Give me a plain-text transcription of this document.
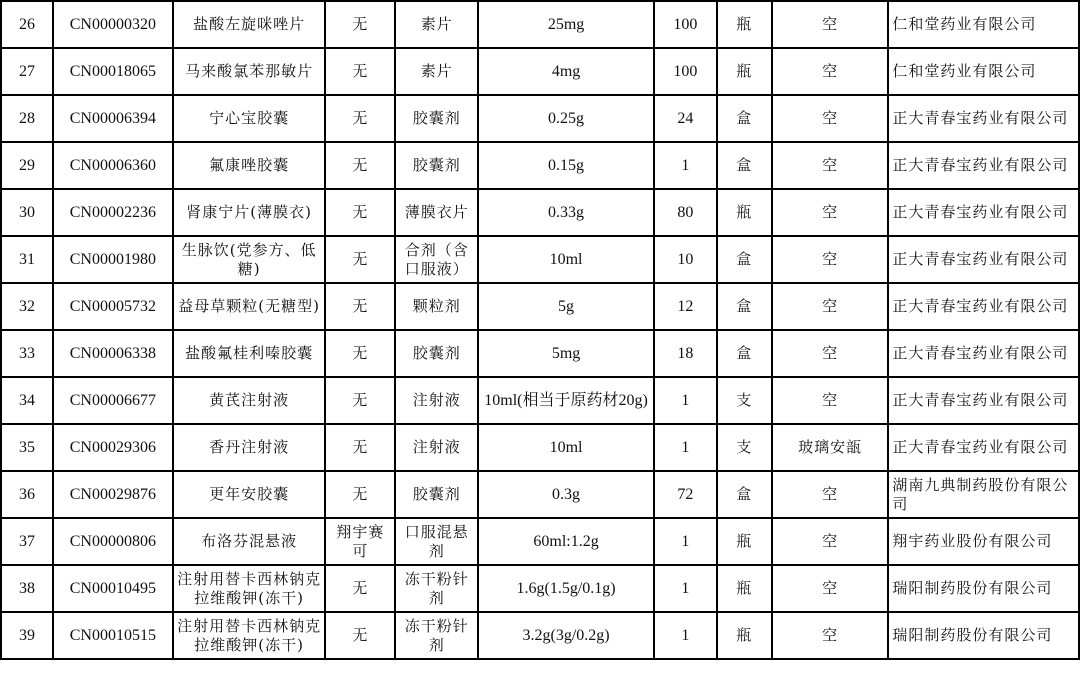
26	CN00000320	盐酸左旋咪唑片	无	素片	25mg	100	瓶	空	仁和堂药业有限公司
27	CN00018065	马来酸氯苯那敏片	无	素片	4mg	100	瓶	空	仁和堂药业有限公司
28	CN00006394	宁心宝胶囊	无	胶囊剂	0.25g	24	盒	空	正大青春宝药业有限公司
29	CN00006360	氟康唑胶囊	无	胶囊剂	0.15g	1	盒	空	正大青春宝药业有限公司
30	CN00002236	肾康宁片(薄膜衣)	无	薄膜衣片	0.33g	80	瓶	空	正大青春宝药业有限公司
31	CN00001980	生脉饮(党参方、低糖)	无	合剂（含口服液）	10ml	10	盒	空	正大青春宝药业有限公司
32	CN00005732	益母草颗粒(无糖型)	无	颗粒剂	5g	12	盒	空	正大青春宝药业有限公司
33	CN00006338	盐酸氟桂利嗪胶囊	无	胶囊剂	5mg	18	盒	空	正大青春宝药业有限公司
34	CN00006677	黄芪注射液	无	注射液	10ml(相当于原药材20g)	1	支	空	正大青春宝药业有限公司
35	CN00029306	香丹注射液	无	注射液	10ml	1	支	玻璃安瓿	正大青春宝药业有限公司
36	CN00029876	更年安胶囊	无	胶囊剂	0.3g	72	盒	空	湖南九典制药股份有限公司
37	CN00000806	布洛芬混悬液	翔宇赛可	口服混悬剂	60ml:1.2g	1	瓶	空	翔宇药业股份有限公司
38	CN00010495	注射用替卡西林钠克拉维酸钾(冻干)	无	冻干粉针剂	1.6g(1.5g/0.1g)	1	瓶	空	瑞阳制药股份有限公司
39	CN00010515	注射用替卡西林钠克拉维酸钾(冻干)	无	冻干粉针剂	3.2g(3g/0.2g)	1	瓶	空	瑞阳制药股份有限公司
